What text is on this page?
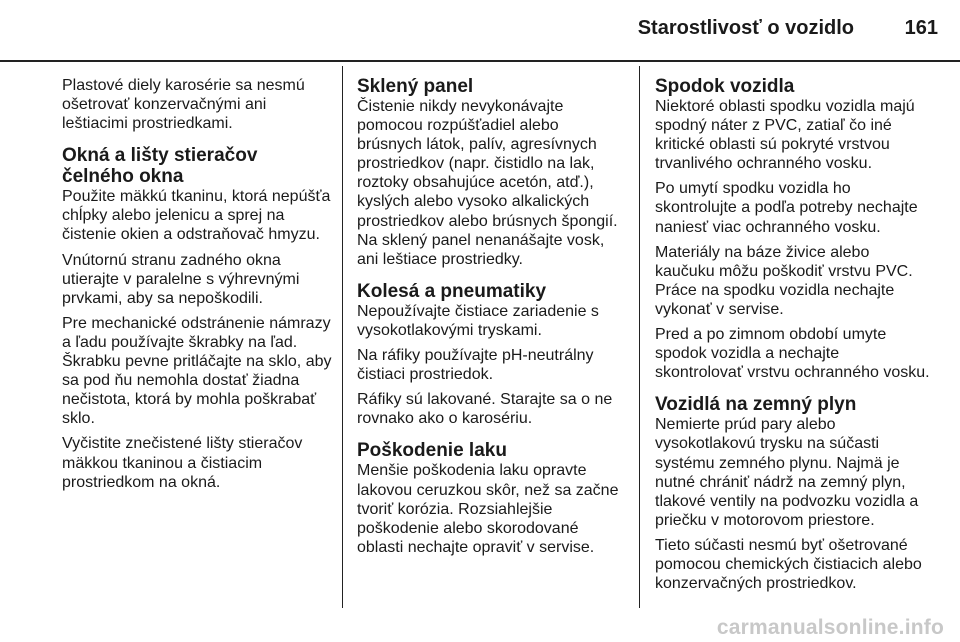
Starostlivosť o vozidlo	161

Plastové diely karosérie sa nesmú ošetrovať konzervačnými ani leštiacimi prostriedkami.

Okná a lišty stieračov čelného okna

Použite mäkkú tkaninu, ktorá nepúšťa chĺpky alebo jelenicu a sprej na čistenie okien a odstraňovač hmyzu.

Vnútornú stranu zadného okna utierajte v paralelne s výhrevnými prvkami, aby sa nepoškodili.

Pre mechanické odstránenie námrazy a ľadu používajte škrabky na ľad. Škrabku pevne pritláčajte na sklo, aby sa pod ňu nemohla dostať žiadna nečistota, ktorá by mohla poškrabať sklo.

Vyčistite znečistené lišty stieračov mäkkou tkaninou a čistiacim prostriedkom na okná.

Sklený panel

Čistenie nikdy nevykonávajte pomocou rozpúšťadiel alebo brúsnych látok, palív, agresívnych prostriedkov (napr. čistidlo na lak, roztoky obsahujúce acetón, atď.), kyslých alebo vysoko alkalických prostriedkov alebo brúsnych špongií. Na sklený panel nenanášajte vosk, ani leštiace prostriedky.

Kolesá a pneumatiky

Nepoužívajte čistiace zariadenie s vysokotlakovými tryskami.

Na ráfiky používajte pH-neutrálny čistiaci prostriedok.

Ráfiky sú lakované. Starajte sa o ne rovnako ako o karosériu.

Poškodenie laku

Menšie poškodenia laku opravte lakovou ceruzkou skôr, než sa začne tvoriť korózia. Rozsiahlejšie poškodenie alebo skorodované oblasti nechajte opraviť v servise.

Spodok vozidla

Niektoré oblasti spodku vozidla majú spodný náter z PVC, zatiaľ čo iné kritické oblasti sú pokryté vrstvou trvanlivého ochranného vosku.

Po umytí spodku vozidla ho skontrolujte a podľa potreby nechajte naniesť viac ochranného vosku.

Materiály na báze živice alebo kaučuku môžu poškodiť vrstvu PVC. Práce na spodku vozidla nechajte vykonať v servise.

Pred a po zimnom období umyte spodok vozidla a nechajte skontrolovať vrstvu ochranného vosku.

Vozidlá na zemný plyn

Nemierte prúd pary alebo vysokotlakovú trysku na súčasti systému zemného plynu. Najmä je nutné chrániť nádrž na zemný plyn, tlakové ventily na podvozku vozidla a priečku v motorovom priestore.

Tieto súčasti nesmú byť ošetrované pomocou chemických čistiacich alebo konzervačných prostriedkov.

carmanualsonline.info
